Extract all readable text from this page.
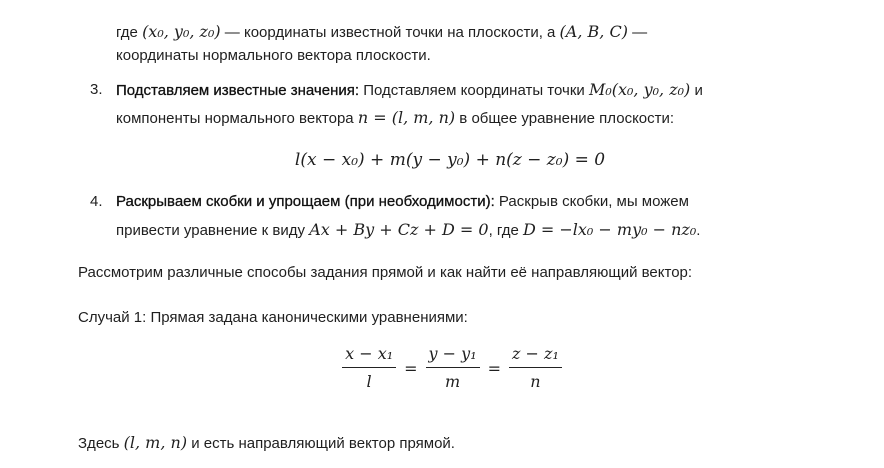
где (x₀, y₀, z₀) — координаты известной точки на плоскости, а (A, B, C) —
координаты нормального вектора плоскости.
3. Подставляем известные значения: Подставляем координаты точки M₀(x₀, y₀, z₀) и
компоненты нормального вектора n = (l, m, n) в общее уравнение плоскости:
l(x − x₀) + m(y − y₀) + n(z − z₀) = 0
4. Раскрываем скобки и упрощаем (при необходимости): Раскрыв скобки, мы можем
привести уравнение к виду Ax + By + Cz + D = 0, где D = −lx₀ − my₀ − nz₀.
Рассмотрим различные способы задания прямой и как найти её направляющий вектор:
Случай 1: Прямая задана каноническими уравнениями:
$\frac{\text{x − x₁}}{l} = \frac{\text{y − y₁}}{m} = \frac{\text{z − z₁}}{n}$
Здесь (l, m, n) и есть направляющий вектор прямой.
